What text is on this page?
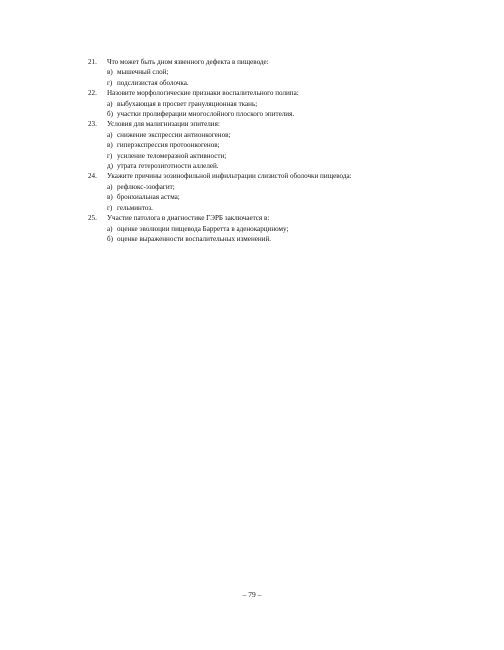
21.	Что может быть дном язвенного дефекта в пищеводе:
в) мышечный слой;
г) подслизистая оболочка.
22.	Назовите морфологические признаки воспалительного полипа:
а) выбухающая в просвет грануляционная ткань;
б) участки пролиферации многослойного плоского эпителия.
23.	Условия для малигнизации эпителия:
а) снижение экспрессии антионкогенов;
в) гиперэкспрессия протоонкогенов;
г) усиление теломеразной активности;
д) утрата гетерозиготности аллелей.
24.	Укажите причины эозинофильной инфильтрации слизистой оболочки пищевода:
а) рефлюкс-эзофагит;
в) бронхиальная астма;
г) гельминтоз.
25.	Участие патолога в диагностике ГЭРБ заключается в:
а) оценке эволюции пищевода Барретта в аденокарциному;
б) оценке выраженности воспалительных изменений.
– 79 –
